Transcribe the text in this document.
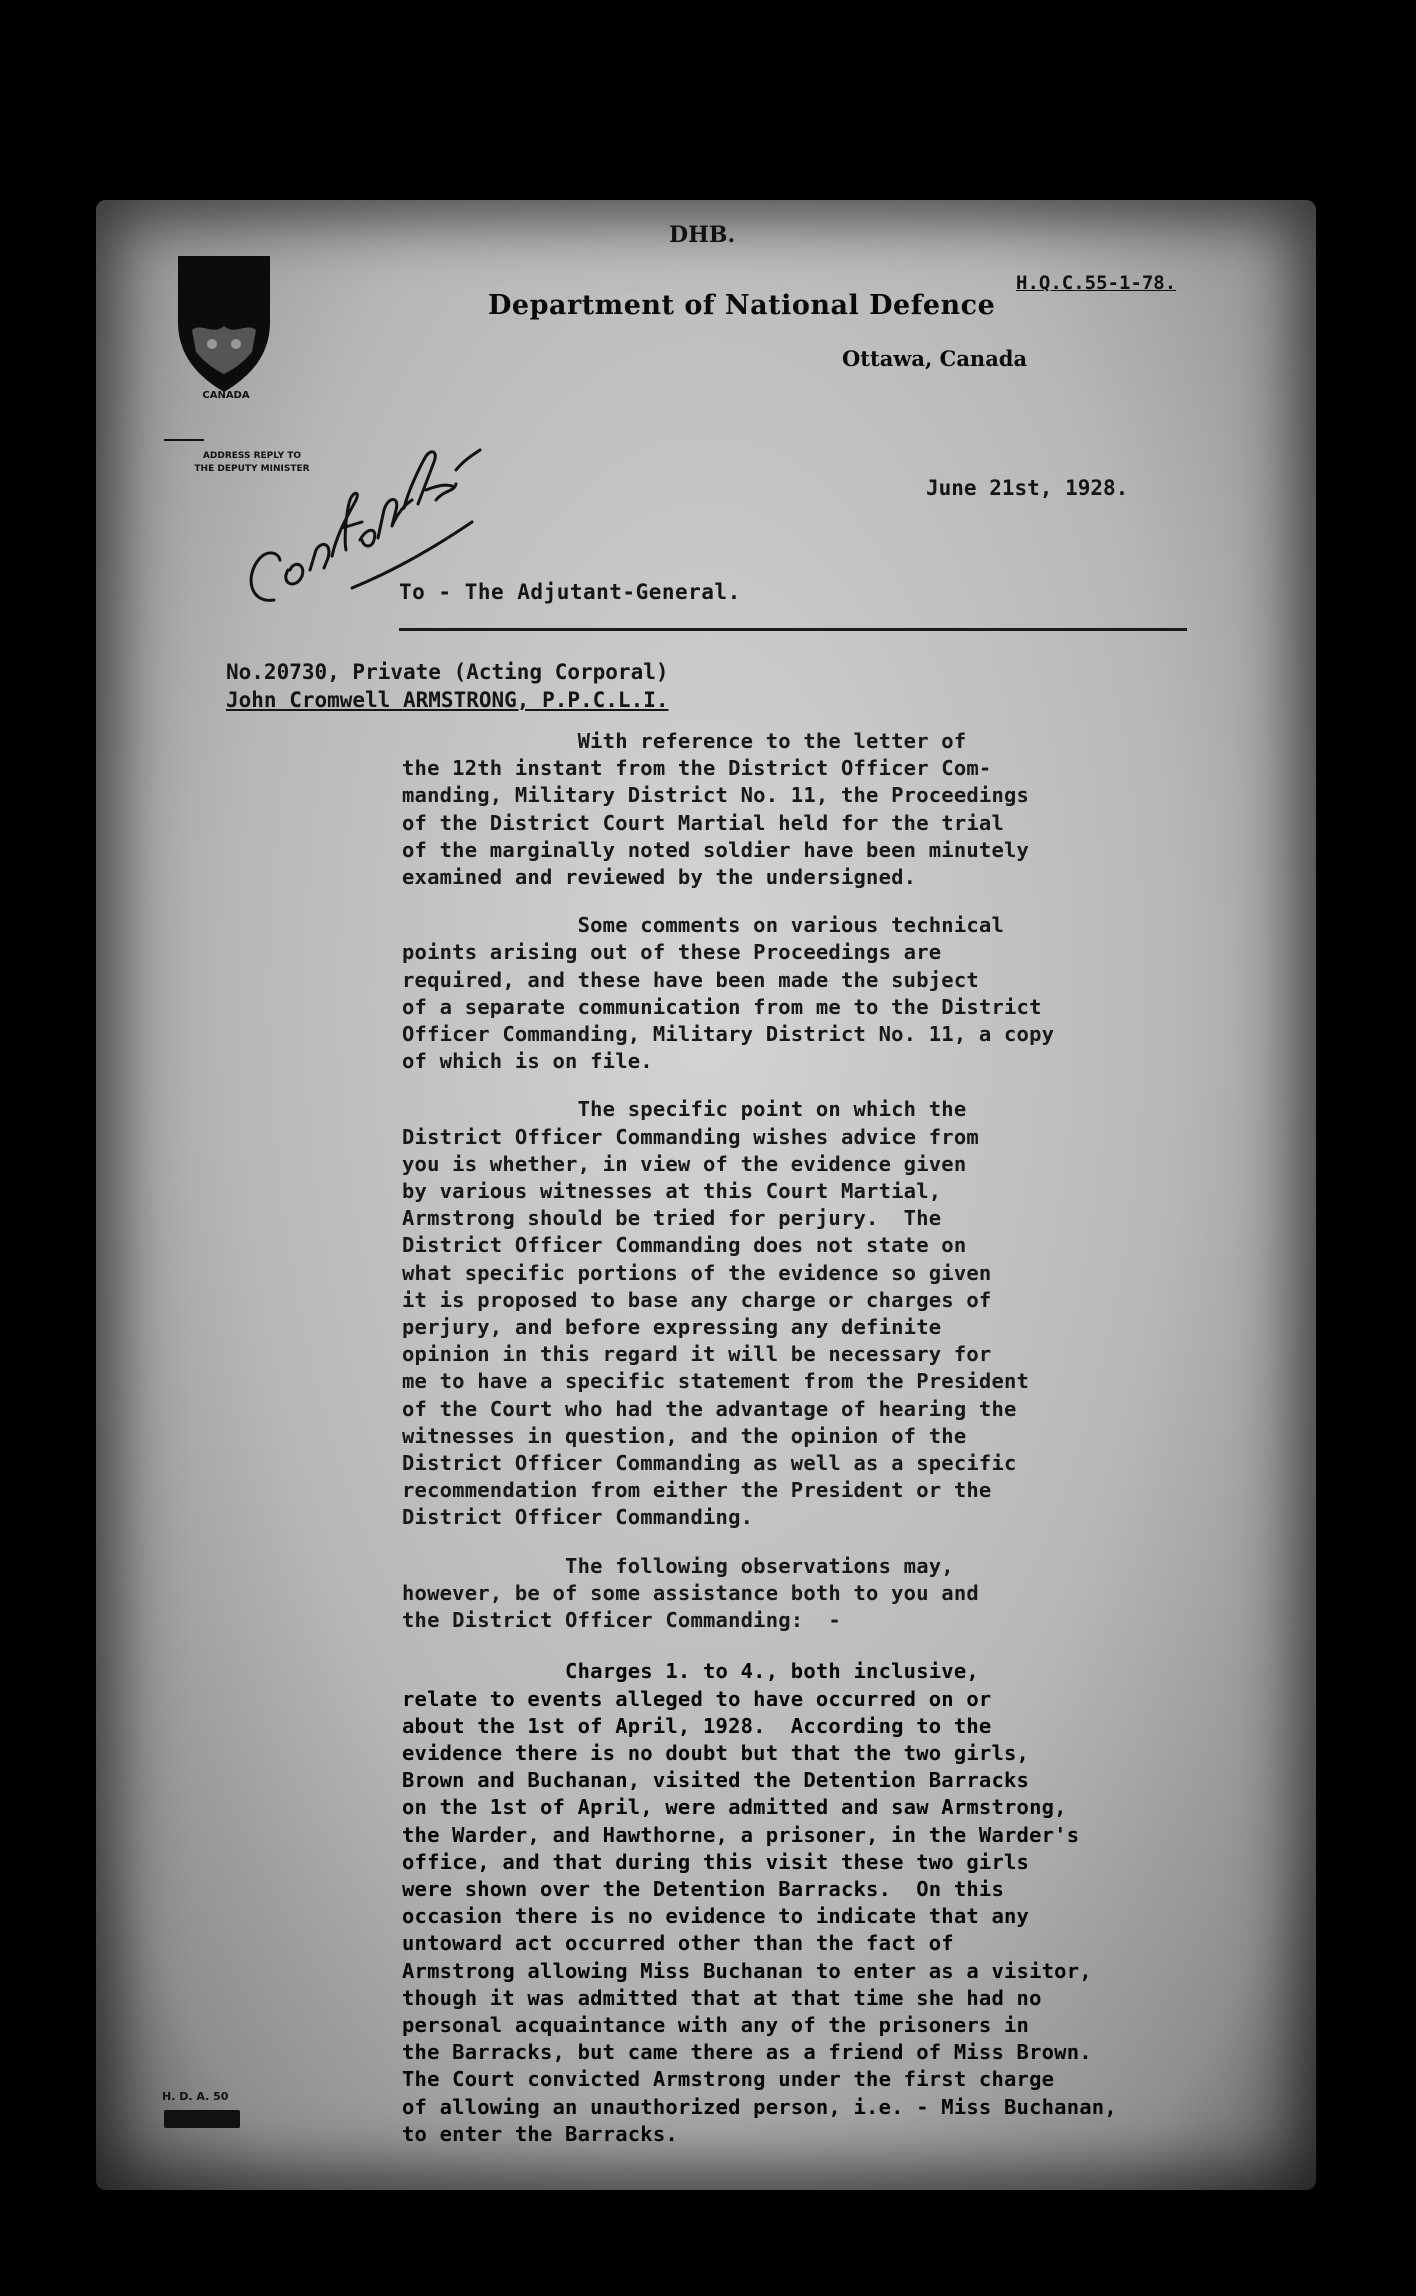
DHB.
CANADA
Department of National Defence
Ottawa, Canada
H.Q.C.55-1-78.
ADDRESS REPLY TO
THE DEPUTY MINISTER
June 21st, 1928.
To - The Adjutant-General.
No.20730, Private (Acting Corporal)
John Cromwell ARMSTRONG, P.P.C.L.I.

With reference to the letter of
the 12th instant from the District Officer Com-
manding, Military District No. 11, the Proceedings
of the District Court Martial held for the trial
of the marginally noted soldier have been minutely
examined and reviewed by the undersigned.

Some comments on various technical
points arising out of these Proceedings are
required, and these have been made the subject
of a separate communication from me to the District
Officer Commanding, Military District No. 11, a copy
of which is on file.

The specific point on which the
District Officer Commanding wishes advice from
you is whether, in view of the evidence given
by various witnesses at this Court Martial,
Armstrong should be tried for perjury.  The
District Officer Commanding does not state on
what specific portions of the evidence so given
it is proposed to base any charge or charges of
perjury, and before expressing any definite
opinion in this regard it will be necessary for
me to have a specific statement from the President
of the Court who had the advantage of hearing the
witnesses in question, and the opinion of the
District Officer Commanding as well as a specific
recommendation from either the President or the
District Officer Commanding.

The following observations may,
however, be of some assistance both to you and
the District Officer Commanding:  -

Charges 1. to 4., both inclusive,
relate to events alleged to have occurred on or
about the 1st of April, 1928.  According to the
evidence there is no doubt but that the two girls,
Brown and Buchanan, visited the Detention Barracks
on the 1st of April, were admitted and saw Armstrong,
the Warder, and Hawthorne, a prisoner, in the Warder's
office, and that during this visit these two girls
were shown over the Detention Barracks.  On this
occasion there is no evidence to indicate that any
untoward act occurred other than the fact of
Armstrong allowing Miss Buchanan to enter as a visitor,
though it was admitted that at that time she had no
personal acquaintance with any of the prisoners in
the Barracks, but came there as a friend of Miss Brown.
The Court convicted Armstrong under the first charge
of allowing an unauthorized person, i.e. - Miss Buchanan,
to enter the Barracks.

H. D. A. 50
